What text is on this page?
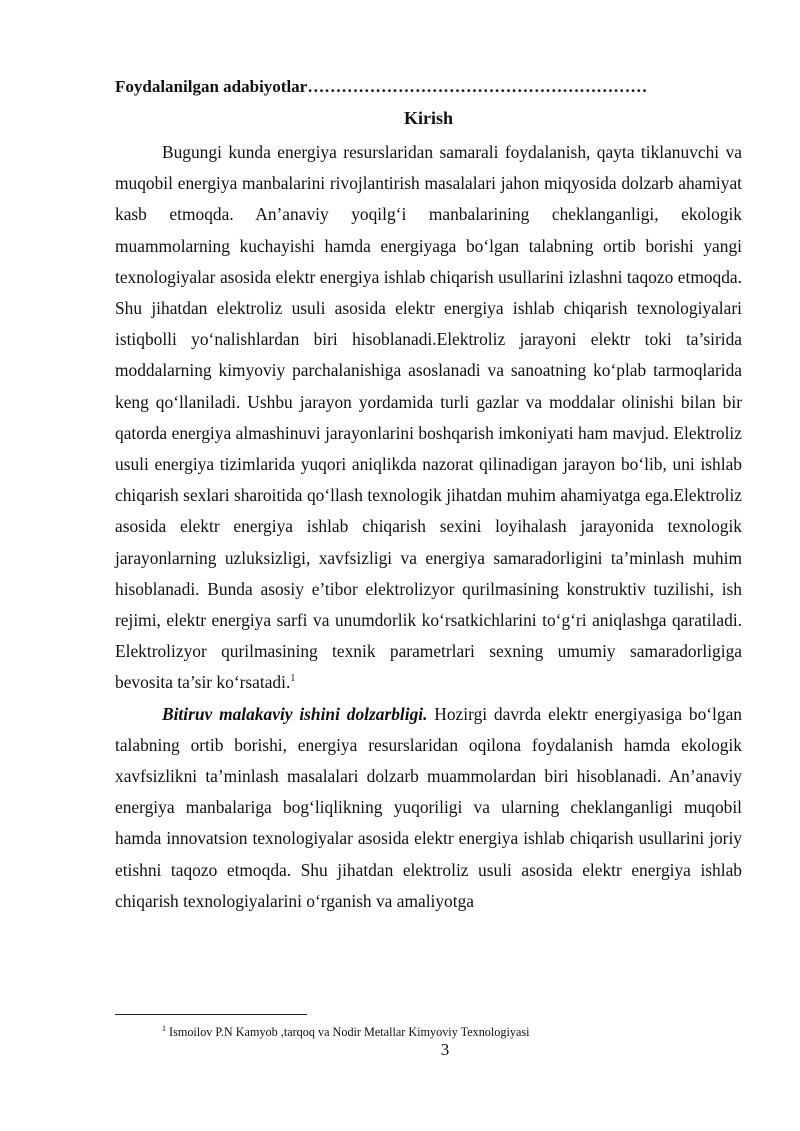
Foydalanilgan adabiyotlar……………………………………………………
Kirish

Bugungi kunda energiya resurslaridan samarali foydalanish, qayta tiklanuvchi va muqobil energiya manbalarini rivojlantirish masalalari jahon miqyosida dolzarb ahamiyat kasb etmoqda. An’anaviy yoqilg‘i manbalarining cheklanganligi, ekologik muammolarning kuchayishi hamda energiyaga bo‘lgan talabning ortib borishi yangi texnologiyalar asosida elektr energiya ishlab chiqarish usullarini izlashni taqozo etmoqda. Shu jihatdan elektroliz usuli asosida elektr energiya ishlab chiqarish texnologiyalari istiqbolli yo‘nalishlardan biri hisoblanadi.Elektroliz jarayoni elektr toki ta’sirida moddalarning kimyoviy parchalanishiga asoslanadi va sanoatning ko‘plab tarmoqlarida keng qo‘llaniladi. Ushbu jarayon yordamida turli gazlar va moddalar olinishi bilan bir qatorda energiya almashinuvi jarayonlarini boshqarish imkoniyati ham mavjud. Elektroliz usuli energiya tizimlarida yuqori aniqlikda nazorat qilinadigan jarayon bo‘lib, uni ishlab chiqarish sexlari sharoitida qo‘llash texnologik jihatdan muhim ahamiyatga ega.Elektroliz asosida elektr energiya ishlab chiqarish sexini loyihalash jarayonida texnologik jarayonlarning uzluksizligi, xavfsizligi va energiya samaradorligini ta’minlash muhim hisoblanadi. Bunda asosiy e’tibor elektrolizyor qurilmasining konstruktiv tuzilishi, ish rejimi, elektr energiya sarfi va unumdorlik ko‘rsatkichlarini to‘g‘ri aniqlashga qaratiladi. Elektrolizyor qurilmasining texnik parametrlari sexning umumiy samaradorligiga bevosita ta’sir ko‘rsatadi.$^1$

Bitiruv malakaviy ishini dolzarbligi. Hozirgi davrda elektr energiyasiga bo‘lgan talabning ortib borishi, energiya resurslaridan oqilona foydalanish hamda ekologik xavfsizlikni ta’minlash masalalari dolzarb muammolardan biri hisoblanadi. An’anaviy energiya manbalariga bog‘liqlikning yuqoriligi va ularning cheklanganligi muqobil hamda innovatsion texnologiyalar asosida elektr energiya ishlab chiqarish usullarini joriy etishni taqozo etmoqda. Shu jihatdan elektroliz usuli asosida elektr energiya ishlab chiqarish texnologiyalarini o‘rganish va amaliyotga

$^1$ Ismoilov P.N Kamyob ,tarqoq va Nodir Metallar Kimyoviy Texnologiyasi
3
